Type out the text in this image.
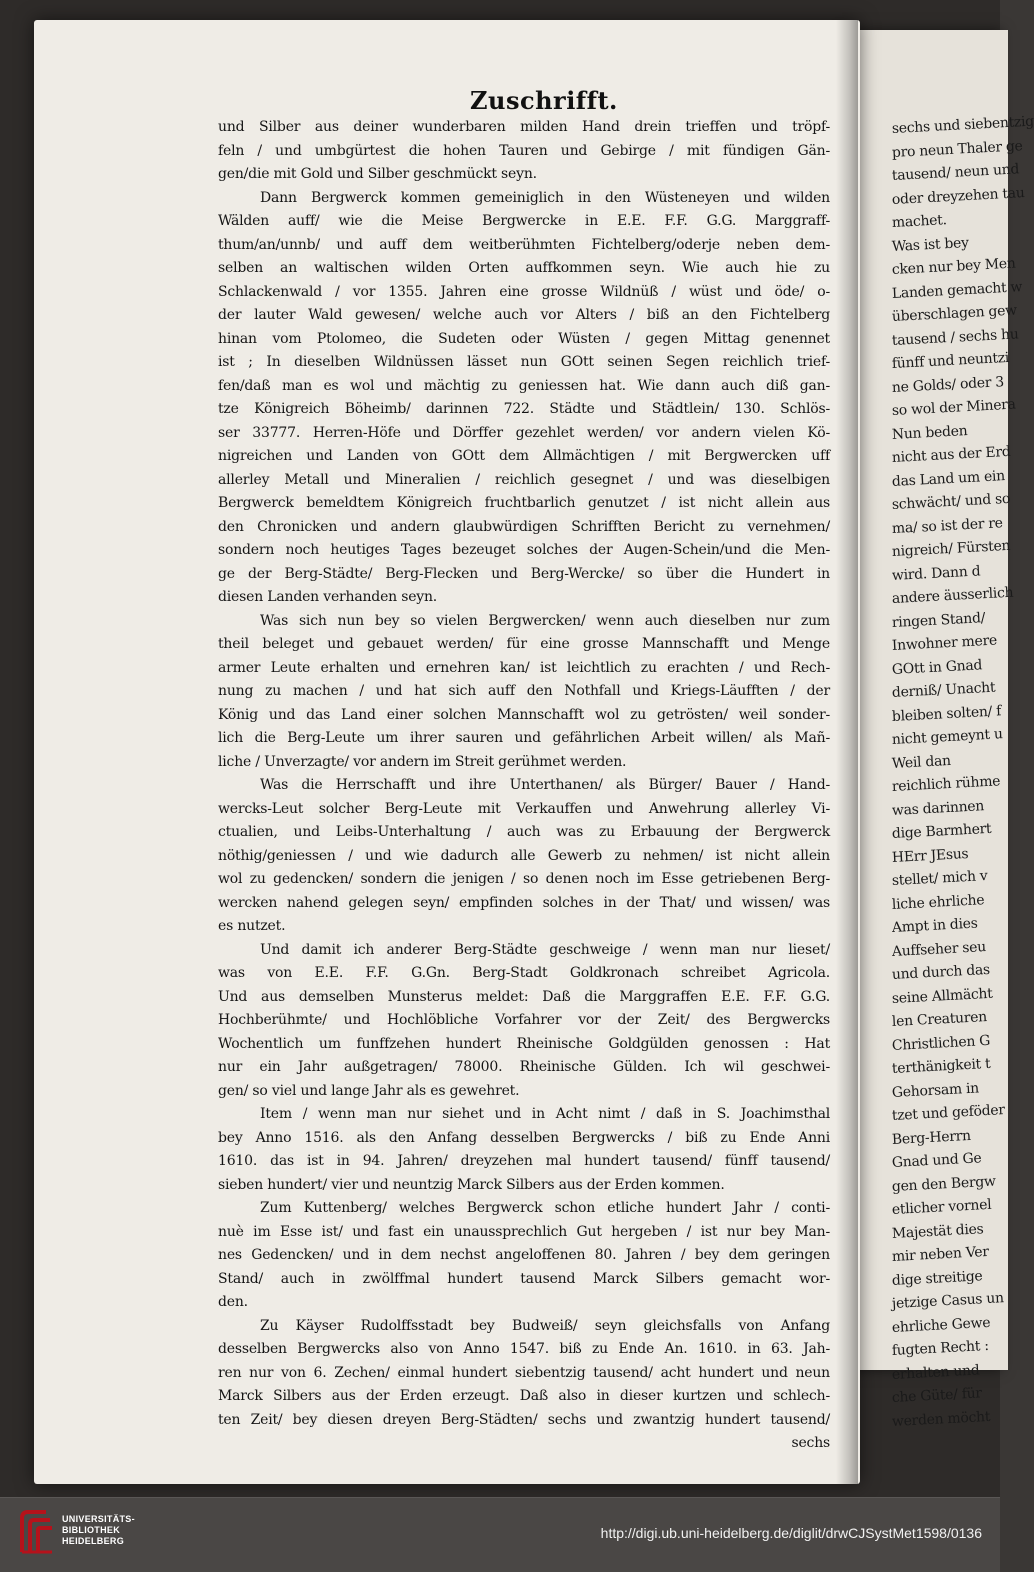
Zuschrifft.
und Silber aus deiner wunderbaren milden Hand drein trieffen und tröpf-
feln / und umbgürtest die hohen Tauren und Gebirge / mit fündigen Gän-
gen/die mit Gold und Silber geschmückt seyn.
Dann Bergwerck kommen gemeiniglich in den Wüsteneyen und wilden
Wälden auff/ wie die Meise Bergwercke in E.E. F.F. G.G. Marggraff-
thum/an/unnb/ und auff dem weitberühmten Fichtelberg/oderje neben dem-
selben an waltischen wilden Orten auffkommen seyn. Wie auch hie zu
Schlackenwald / vor 1355. Jahren eine grosse Wildnüß / wüst und öde/ o-
der lauter Wald gewesen/ welche auch vor Alters / biß an den Fichtelberg
hinan vom Ptolomeo, die Sudeten oder Wüsten / gegen Mittag genennet
ist ; In dieselben Wildnüssen lässet nun GOtt seinen Segen reichlich trief-
fen/daß man es wol und mächtig zu geniessen hat. Wie dann auch diß gan-
tze Königreich Böheimb/ darinnen 722. Städte und Städtlein/ 130. Schlös-
ser 33777. Herren-Höfe und Dörffer gezehlet werden/ vor andern vielen Kö-
nigreichen und Landen von GOtt dem Allmächtigen / mit Bergwercken uff
allerley Metall und Mineralien / reichlich gesegnet / und was dieselbigen
Bergwerck bemeldtem Königreich fruchtbarlich genutzet / ist nicht allein aus
den Chronicken und andern glaubwürdigen Schrifften Bericht zu vernehmen/
sondern noch heutiges Tages bezeuget solches der Augen-Schein/und die Men-
ge der Berg-Städte/ Berg-Flecken und Berg-Wercke/ so über die Hundert in
diesen Landen verhanden seyn.
Was sich nun bey so vielen Bergwercken/ wenn auch dieselben nur zum
theil beleget und gebauet werden/ für eine grosse Mannschafft und Menge
armer Leute erhalten und ernehren kan/ ist leichtlich zu erachten / und Rech-
nung zu machen / und hat sich auff den Nothfall und Kriegs-Läufften / der
König und das Land einer solchen Mannschafft wol zu getrösten/ weil sonder-
lich die Berg-Leute um ihrer sauren und gefährlichen Arbeit willen/ als Mañ-
liche / Unverzagte/ vor andern im Streit gerühmet werden.
Was die Herrschafft und ihre Unterthanen/ als Bürger/ Bauer / Hand-
wercks-Leut solcher Berg-Leute mit Verkauffen und Anwehrung allerley Vi-
ctualien, und Leibs-Unterhaltung / auch was zu Erbauung der Bergwerck
nöthig/geniessen / und wie dadurch alle Gewerb zu nehmen/ ist nicht allein
wol zu gedencken/ sondern die jenigen / so denen noch im Esse getriebenen Berg-
wercken nahend gelegen seyn/ empfinden solches in der That/ und wissen/ was
es nutzet.
Und damit ich anderer Berg-Städte geschweige / wenn man nur lieset/
was von E.E. F.F. G.Gn. Berg-Stadt Goldkronach schreibet Agricola.
Und aus demselben Munsterus meldet: Daß die Marggraffen E.E. F.F. G.G.
Hochberühmte/ und Hochlöbliche Vorfahrer vor der Zeit/ des Bergwercks
Wochentlich um funffzehen hundert Rheinische Goldgülden genossen : Hat
nur ein Jahr außgetragen/ 78000. Rheinische Gülden. Ich wil geschwei-
gen/ so viel und lange Jahr als es gewehret.
Item / wenn man nur siehet und in Acht nimt / daß in S. Joachimsthal
bey Anno 1516. als den Anfang desselben Bergwercks / biß zu Ende Anni
1610. das ist in 94. Jahren/ dreyzehen mal hundert tausend/ fünff tausend/
sieben hundert/ vier und neuntzig Marck Silbers aus der Erden kommen.
Zum Kuttenberg/ welches Bergwerck schon etliche hundert Jahr / conti-
nuè im Esse ist/ und fast ein unaussprechlich Gut hergeben / ist nur bey Man-
nes Gedencken/ und in dem nechst angeloffenen 80. Jahren / bey dem geringen
Stand/ auch in zwölffmal hundert tausend Marck Silbers gemacht wor-
den.
Zu Käyser Rudolffsstadt bey Budweiß/ seyn gleichsfalls von Anfang
desselben Bergwercks also von Anno 1547. biß zu Ende An. 1610. in 63. Jah-
ren nur von 6. Zechen/ einmal hundert siebentzig tausend/ acht hundert und neun
Marck Silbers aus der Erden erzeugt. Daß also in dieser kurtzen und schlech-
ten Zeit/ bey diesen dreyen Berg-Städten/ sechs und zwantzig hundert tausend/
sechs
sechs und siebentzig
pro neun Thaler ge
tausend/ neun und
oder dreyzehen tau
machet.
Was ist bey
cken nur bey Men
Landen gemacht w
überschlagen gew
tausend / sechs hu
fünff und neuntzi
ne Golds/ oder 3
so wol der Minera
Nun beden
nicht aus der Erd
das Land um ein
schwächt/ und so
ma/ so ist der re
nigreich/ Fürsten
wird. Dann d
andere äusserlich
ringen Stand/
Inwohner mere
GOtt in Gnad
derniß/ Unacht
bleiben solten/ f
nicht gemeynt u
Weil dan
reichlich rühme
was darinnen
dige Barmhert
HErr JEsus
stellet/ mich v
liche ehrliche
Ampt in dies
Auffseher seu
und durch das
seine Allmächt
len Creaturen
Christlichen G
terthänigkeit t
Gehorsam in
tzet und geföder
Berg-Herrn
Gnad und Ge
gen den Bergw
etlicher vornel
Majestät dies
mir neben Ver
dige streitige
jetzige Casus un
ehrliche Gewe
fugten Recht :
erhalten und
che Güte/ für
werden möcht
UNIVERSITÄTS-
BIBLIOTHEK
HEIDELBERG	http://digi.ub.uni-heidelberg.de/diglit/drwCJSystMet1598/0136
